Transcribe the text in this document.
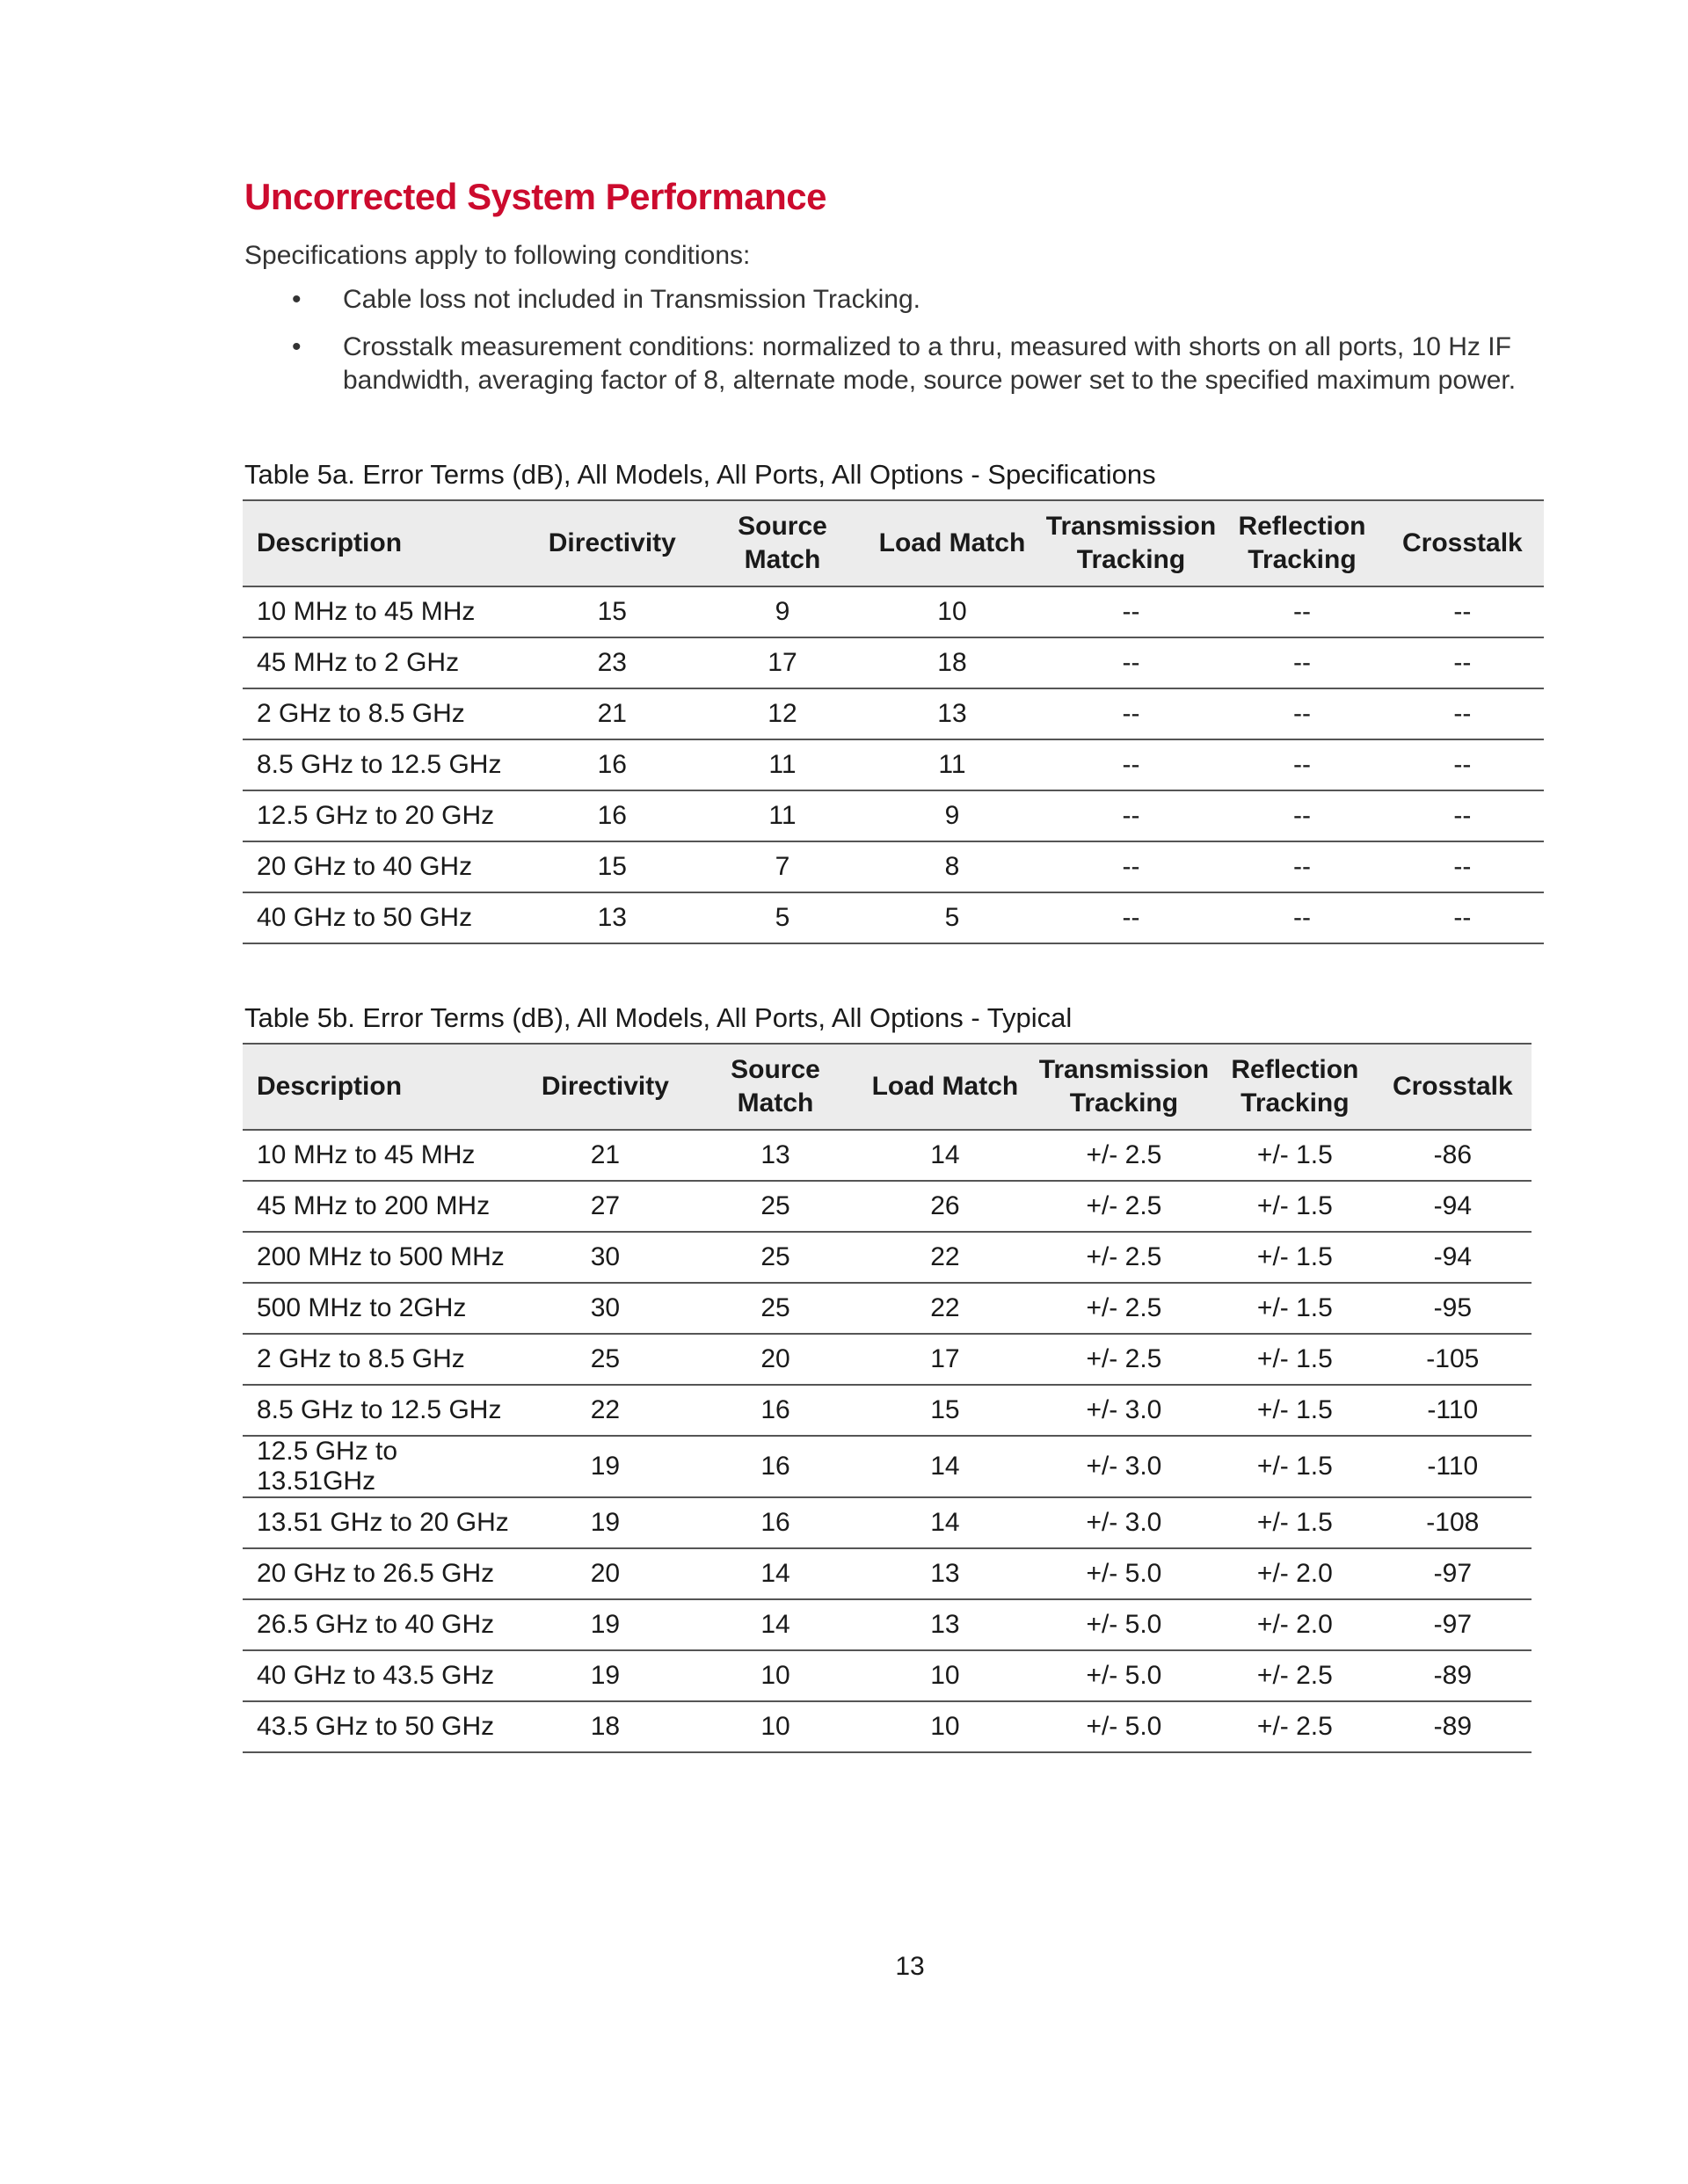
Uncorrected System Performance

Specifications apply to following conditions:

• Cable loss not included in Transmission Tracking.
• Crosstalk measurement conditions: normalized to a thru, measured with shorts on all ports, 10 Hz IF bandwidth, averaging factor of 8, alternate mode, source power set to the specified maximum power.

Table 5a. Error Terms (dB), All Models, All Ports, All Options - Specifications

Description	Directivity	Source Match	Load Match	Transmission Tracking	Reflection Tracking	Crosstalk
10 MHz to 45 MHz	15	9	10	--	--	--
45 MHz to 2 GHz	23	17	18	--	--	--
2 GHz to 8.5 GHz	21	12	13	--	--	--
8.5 GHz to 12.5 GHz	16	11	11	--	--	--
12.5 GHz to 20 GHz	16	11	9	--	--	--
20 GHz to 40 GHz	15	7	8	--	--	--
40 GHz to 50 GHz	13	5	5	--	--	--

Table 5b. Error Terms (dB), All Models, All Ports, All Options - Typical

Description	Directivity	Source Match	Load Match	Transmission Tracking	Reflection Tracking	Crosstalk
10 MHz to 45 MHz	21	13	14	+/- 2.5	+/- 1.5	-86
45 MHz to 200 MHz	27	25	26	+/- 2.5	+/- 1.5	-94
200 MHz to 500 MHz	30	25	22	+/- 2.5	+/- 1.5	-94
500 MHz to 2GHz	30	25	22	+/- 2.5	+/- 1.5	-95
2 GHz to 8.5 GHz	25	20	17	+/- 2.5	+/- 1.5	-105
8.5 GHz to 12.5 GHz	22	16	15	+/- 3.0	+/- 1.5	-110
12.5 GHz to 13.51GHz	19	16	14	+/- 3.0	+/- 1.5	-110
13.51 GHz to 20 GHz	19	16	14	+/- 3.0	+/- 1.5	-108
20 GHz to 26.5 GHz	20	14	13	+/- 5.0	+/- 2.0	-97
26.5 GHz to 40 GHz	19	14	13	+/- 5.0	+/- 2.0	-97
40 GHz to 43.5 GHz	19	10	10	+/- 5.0	+/- 2.5	-89
43.5 GHz to 50 GHz	18	10	10	+/- 5.0	+/- 2.5	-89
13
